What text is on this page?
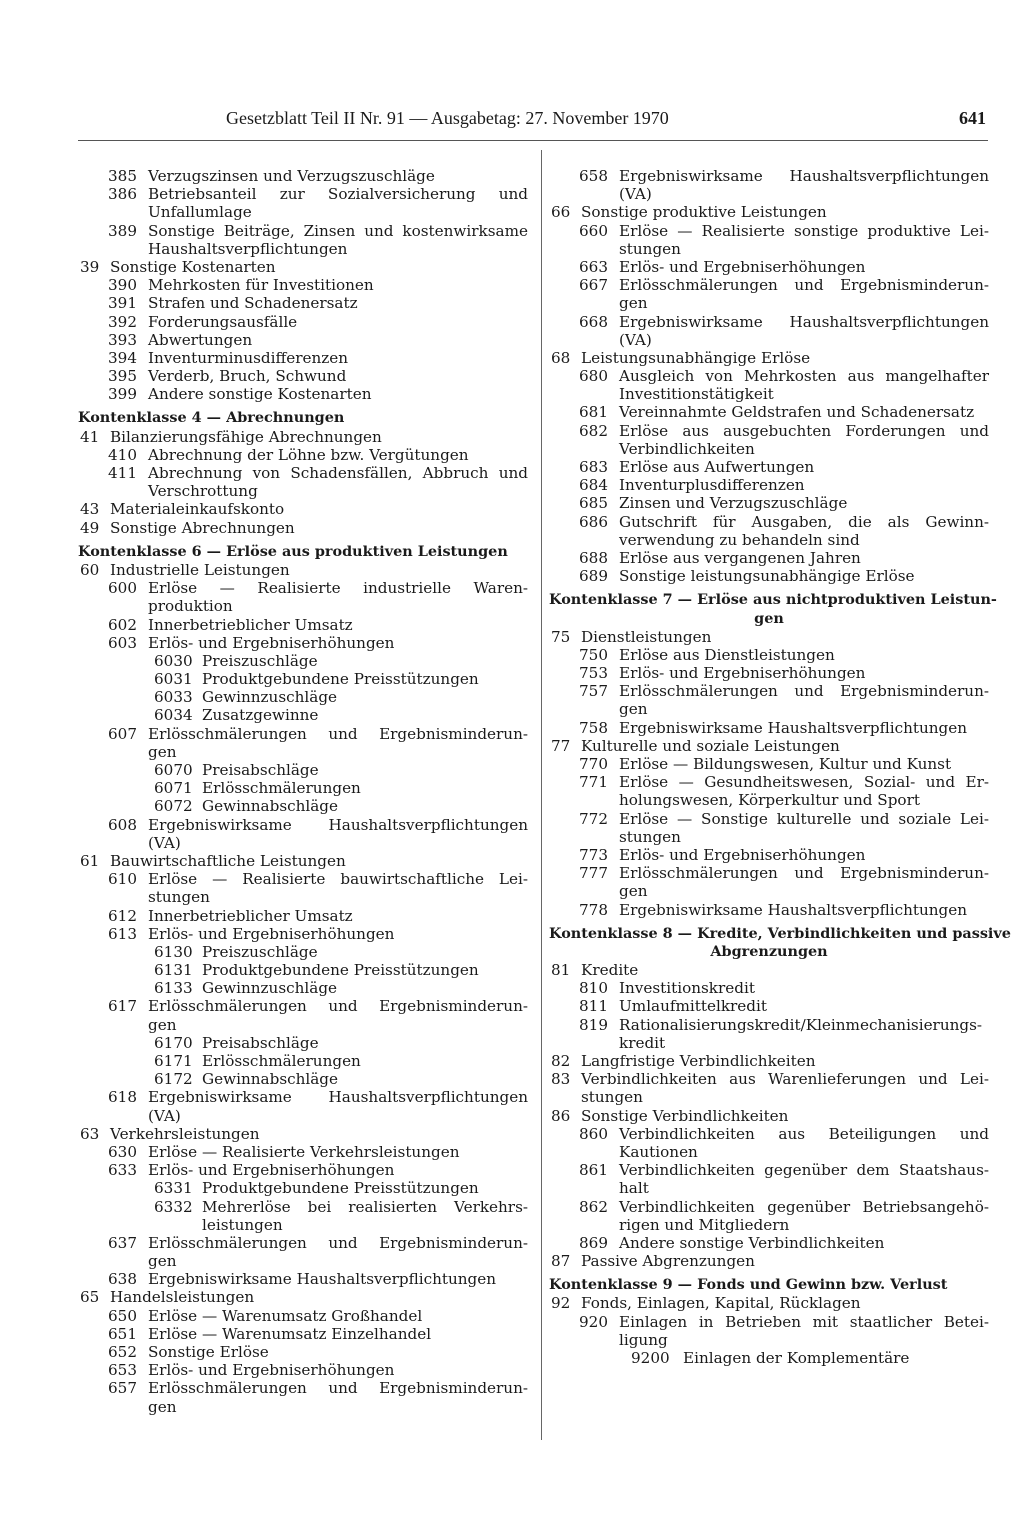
Gesetzblatt Teil II Nr. 91 — Ausgabetag: 27. November 1970	641
385 Verzugszinsen und Verzugszuschläge
386 Betriebsanteil zur Sozialversicherung und
Unfallumlage
389 Sonstige Beiträge, Zinsen und kostenwirksame
Haushaltsverpflichtungen
39 Sonstige Kostenarten
390 Mehrkosten für Investitionen
391 Strafen und Schadenersatz
392 Forderungsausfälle
393 Abwertungen
394 Inventurminusdifferenzen
395 Verderb, Bruch, Schwund
399 Andere sonstige Kostenarten
Kontenklasse 4 — Abrechnungen
41 Bilanzierungsfähige Abrechnungen
410 Abrechnung der Löhne bzw. Vergütungen
411 Abrechnung von Schadensfällen, Abbruch und
Verschrottung
43 Materialeinkaufskonto
49 Sonstige Abrechnungen
Kontenklasse 6 — Erlöse aus produktiven Leistungen
60 Industrielle Leistungen
600 Erlöse — Realisierte industrielle Waren-
produktion
602 Innerbetrieblicher Umsatz
603 Erlös- und Ergebniserhöhungen
6030 Preiszuschläge
6031 Produktgebundene Preisstützungen
6033 Gewinnzuschläge
6034 Zusatzgewinne
607 Erlösschmälerungen und Ergebnisminderun-
gen
6070 Preisabschläge
6071 Erlösschmälerungen
6072 Gewinnabschläge
608 Ergebniswirksame Haushaltsverpflichtungen
(VA)
61 Bauwirtschaftliche Leistungen
610 Erlöse — Realisierte bauwirtschaftliche Lei-
stungen
612 Innerbetrieblicher Umsatz
613 Erlös- und Ergebniserhöhungen
6130 Preiszuschläge
6131 Produktgebundene Preisstützungen
6133 Gewinnzuschläge
617 Erlösschmälerungen und Ergebnisminderun-
gen
6170 Preisabschläge
6171 Erlösschmälerungen
6172 Gewinnabschläge
618 Ergebniswirksame Haushaltsverpflichtungen
(VA)
63 Verkehrsleistungen
630 Erlöse — Realisierte Verkehrsleistungen
633 Erlös- und Ergebniserhöhungen
6331 Produktgebundene Preisstützungen
6332 Mehrerlöse bei realisierten Verkehrs-
leistungen
637 Erlösschmälerungen und Ergebnisminderun-
gen
638 Ergebniswirksame Haushaltsverpflichtungen
65 Handelsleistungen
650 Erlöse — Warenumsatz Großhandel
651 Erlöse — Warenumsatz Einzelhandel
652 Sonstige Erlöse
653 Erlös- und Ergebniserhöhungen
657 Erlösschmälerungen und Ergebnisminderun-
gen
658 Ergebniswirksame Haushaltsverpflichtungen
(VA)
66 Sonstige produktive Leistungen
660 Erlöse — Realisierte sonstige produktive Lei-
stungen
663 Erlös- und Ergebniserhöhungen
667 Erlösschmälerungen und Ergebnisminderun-
gen
668 Ergebniswirksame Haushaltsverpflichtungen
(VA)
68 Leistungsunabhängige Erlöse
680 Ausgleich von Mehrkosten aus mangelhafter
Investitionstätigkeit
681 Vereinnahmte Geldstrafen und Schadenersatz
682 Erlöse aus ausgebuchten Forderungen und
Verbindlichkeiten
683 Erlöse aus Aufwertungen
684 Inventurplusdifferenzen
685 Zinsen und Verzugszuschläge
686 Gutschrift für Ausgaben, die als Gewinn-
verwendung zu behandeln sind
688 Erlöse aus vergangenen Jahren
689 Sonstige leistungsunabhängige Erlöse
Kontenklasse 7 — Erlöse aus nichtproduktiven Leistun-
gen
75 Dienstleistungen
750 Erlöse aus Dienstleistungen
753 Erlös- und Ergebniserhöhungen
757 Erlösschmälerungen und Ergebnisminderun-
gen
758 Ergebniswirksame Haushaltsverpflichtungen
77 Kulturelle und soziale Leistungen
770 Erlöse — Bildungswesen, Kultur und Kunst
771 Erlöse — Gesundheitswesen, Sozial- und Er-
holungswesen, Körperkultur und Sport
772 Erlöse — Sonstige kulturelle und soziale Lei-
stungen
773 Erlös- und Ergebniserhöhungen
777 Erlösschmälerungen und Ergebnisminderun-
gen
778 Ergebniswirksame Haushaltsverpflichtungen
Kontenklasse 8 — Kredite, Verbindlichkeiten und passive
Abgrenzungen
81 Kredite
810 Investitionskredit
811 Umlaufmittelkredit
819 Rationalisierungskredit/Kleinmechanisierungs-
kredit
82 Langfristige Verbindlichkeiten
83 Verbindlichkeiten aus Warenlieferungen und Lei-
stungen
86 Sonstige Verbindlichkeiten
860 Verbindlichkeiten aus Beteiligungen und
Kautionen
861 Verbindlichkeiten gegenüber dem Staatshaus-
halt
862 Verbindlichkeiten gegenüber Betriebsangehö-
rigen und Mitgliedern
869 Andere sonstige Verbindlichkeiten
87 Passive Abgrenzungen
Kontenklasse 9 — Fonds und Gewinn bzw. Verlust
92 Fonds, Einlagen, Kapital, Rücklagen
920 Einlagen in Betrieben mit staatlicher Betei-
ligung
9200 Einlagen der Komplementäre
